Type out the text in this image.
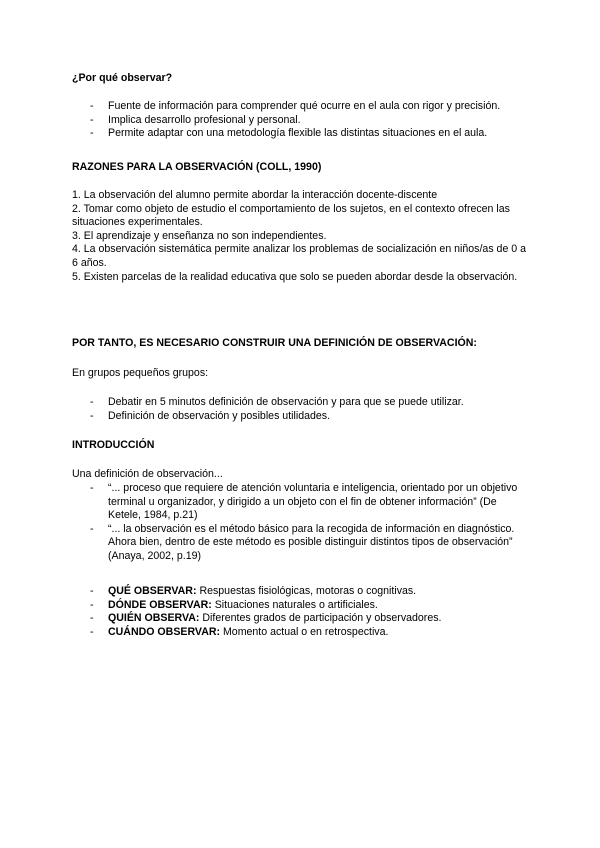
¿Por qué observar?
- Fuente de información para comprender qué ocurre en el aula con rigor y precisión.
- Implica desarrollo profesional y personal.
- Permite adaptar con una metodología flexible las distintas situaciones en el aula.
RAZONES PARA LA OBSERVACIÓN (COLL, 1990)

1. La observación del alumno permite abordar la interacción docente-discente

2. Tomar como objeto de estudio el comportamiento de los sujetos, en el contexto ofrecen las situaciones experimentales.

3. El aprendizaje y enseñanza no son independientes.

4. La observación sistemática permite analizar los problemas de socialización en niños/as de 0 a 6 años.

5. Existen parcelas de la realidad educativa que solo se pueden abordar desde la observación.

POR TANTO, ES NECESARIO CONSTRUIR UNA DEFINICIÓN DE OBSERVACIÓN:
En grupos pequeños grupos:
- Debatir en 5 minutos definición de observación y para que se puede utilizar.
- Definición de observación y posibles utilidades.
INTRODUCCIÓN
Una definición de observación...
- “... proceso que requiere de atención voluntaria e inteligencia, orientado por un objetivo terminal u organizador, y dirigido a un objeto con el fin de obtener información” (De Ketele, 1984, p.21)
- “... la observación es el método básico para la recogida de información en diagnóstico. Ahora bien, dentro de este método es posible distinguir distintos tipos de observación” (Anaya, 2002, p.19)
- QUÉ OBSERVAR: Respuestas fisiológicas, motoras o cognitivas.
- DÓNDE OBSERVAR: Situaciones naturales o artificiales.
- QUIÉN OBSERVA: Diferentes grados de participación y observadores.
- CUÁNDO OBSERVAR: Momento actual o en retrospectiva.
